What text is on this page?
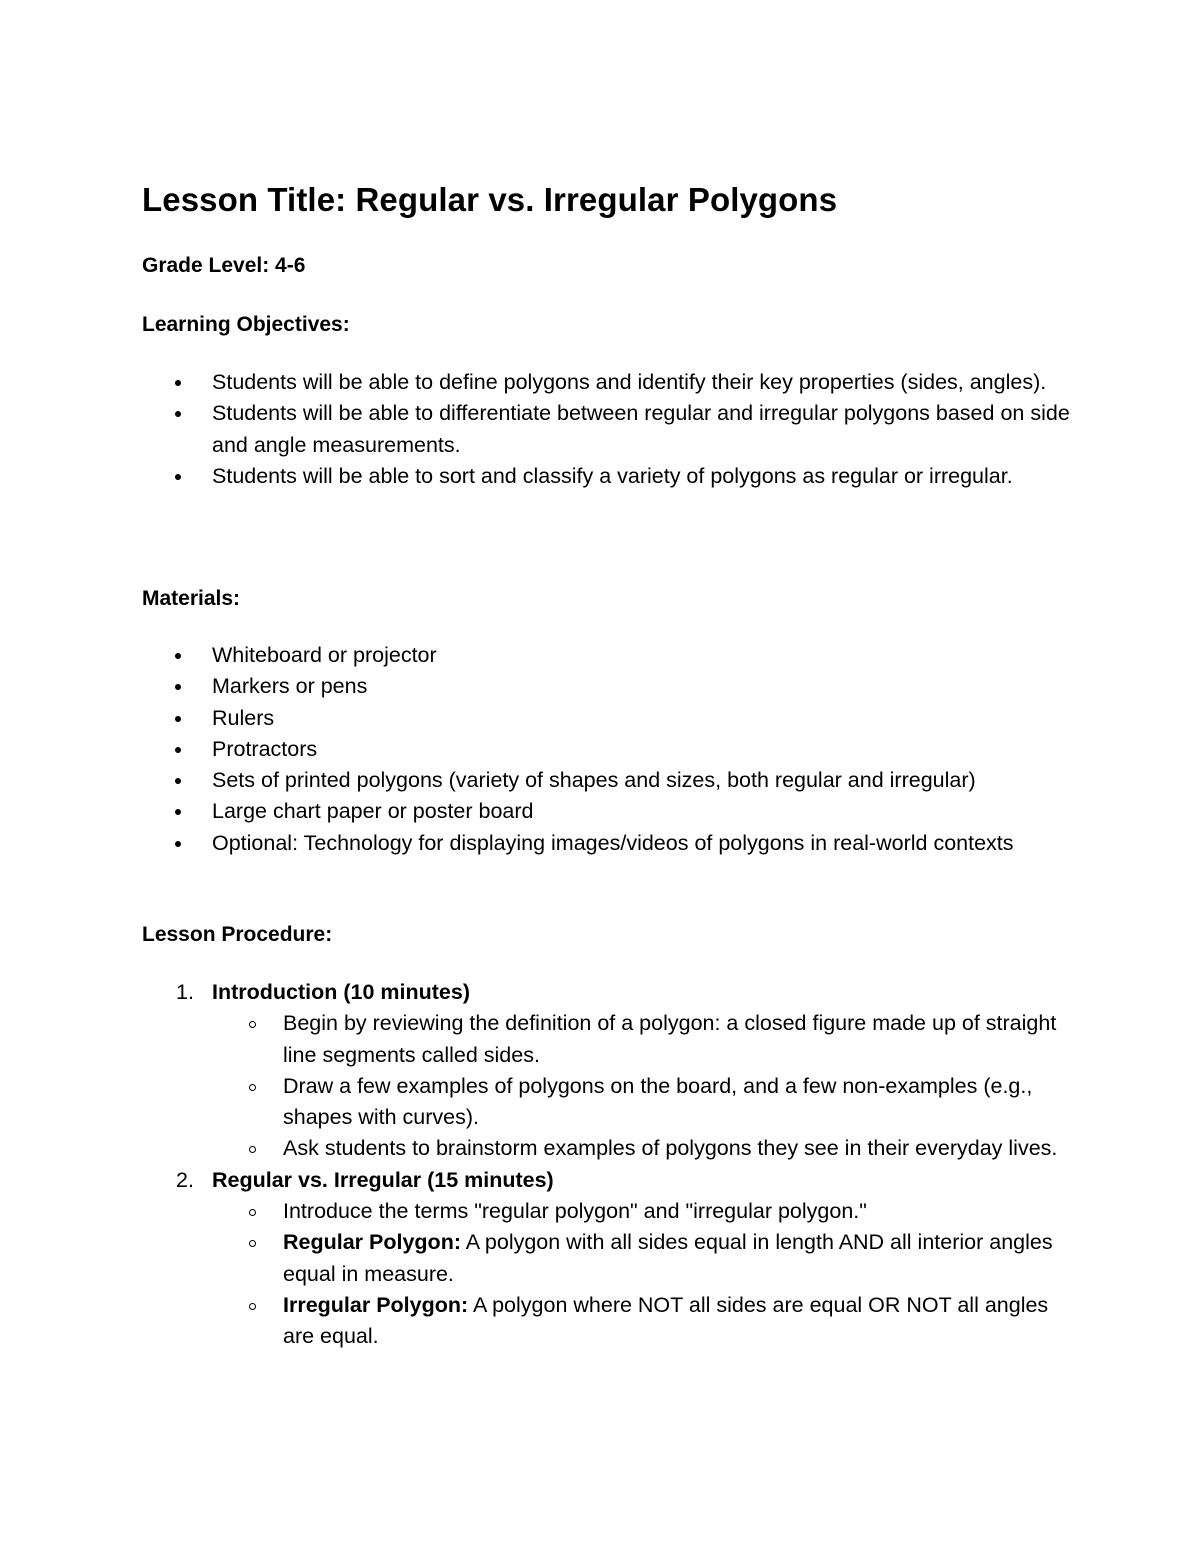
Lesson Title: Regular vs. Irregular Polygons

Grade Level: 4-6

Learning Objectives:

Students will be able to define polygons and identify their key properties (sides, angles).
Students will be able to differentiate between regular and irregular polygons based on side and angle measurements.
Students will be able to sort and classify a variety of polygons as regular or irregular.

Materials:

Whiteboard or projector
Markers or pens
Rulers
Protractors
Sets of printed polygons (variety of shapes and sizes, both regular and irregular)
Large chart paper or poster board
Optional: Technology for displaying images/videos of polygons in real-world contexts

Lesson Procedure:

1. Introduction (10 minutes)
Begin by reviewing the definition of a polygon: a closed figure made up of straight line segments called sides.
Draw a few examples of polygons on the board, and a few non-examples (e.g., shapes with curves).
Ask students to brainstorm examples of polygons they see in their everyday lives.
2. Regular vs. Irregular (15 minutes)
Introduce the terms "regular polygon" and "irregular polygon."
Regular Polygon: A polygon with all sides equal in length AND all interior angles equal in measure.
Irregular Polygon: A polygon where NOT all sides are equal OR NOT all angles are equal.
